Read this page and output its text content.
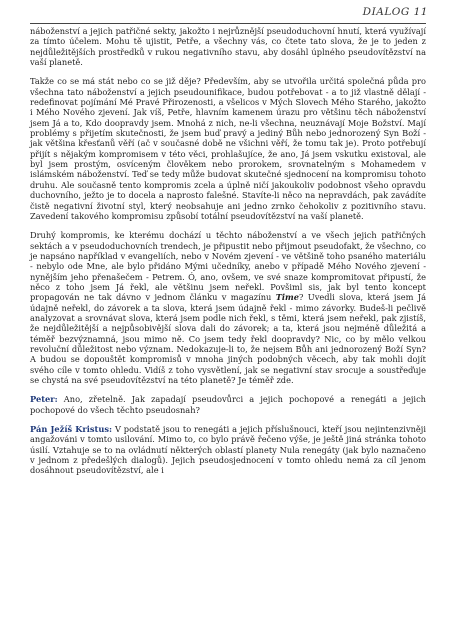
DIALOG 11

náboženství a jejich patřičné sekty, jakožto i nejrůznější pseudoduchovní hnutí, která využívají za tímto účelem. Mohu tě ujistit, Petře, a všechny vás, co čtete tato slova, že je to jeden z nejdůležitějších prostředků v rukou negativního stavu, aby dosáhl úplného pseudovítězství na vaší planetě.

Takže co se má stát nebo co se již děje? Především, aby se utvořila určitá společná půda pro všechna tato náboženství a jejich pseudounifikace, budou potřebovat - a to již vlastně dělají - redefinovat pojímání Mé Pravé Přirozenosti, a všelicos v Mých Slovech Mého Starého, jakožto i Mého Nového zjevení. Jak víš, Petře, hlavním kamenem úrazu pro většinu těch náboženství jsem Já a to, Kdo doopravdy jsem. Mnohá z nich, ne-li všechna, neuznávají Moje Božství. Mají problémy s přijetím skutečnosti, že jsem buď pravý a jediný Bůh nebo jednorozený Syn Boží - jak většina křesťanů věří (ač v současné době ne všichni věří, že tomu tak je). Proto potřebují přijít s nějakým kompromisem v této věci, prohlašujíce, že ano, Já jsem vskutku existoval, ale byl jsem prostým, osvíceným člověkem nebo prorokem, srovnatelným s Mohamedem v islámském náboženství. Teď se tedy může budovat skutečné sjednocení na kompromisu tohoto druhu. Ale současně tento kompromis zcela a úplně ničí jakoukoliv podobnost všeho opravdu duchovního, ježto je to docela a naprosto falešné. Stavíte-li něco na nepravdách, pak zavádíte čistě negativní životní styl, který neobsahuje ani jedno zrnko čehokoliv z pozitivního stavu. Zavedení takového kompromisu způsobí totální pseudovítězství na vaší planetě.

Druhý kompromis, ke kterému dochází u těchto náboženství a ve všech jejich patřičných sektách a v pseudoduchovních trendech, je připustit nebo přijmout pseudofakt, že všechno, co je napsáno například v evangeliích, nebo v Novém zjevení - ve většině toho psaného materiálu - nebylo ode Mne, ale bylo přidáno Mými učedníky, anebo v případě Mého Nového zjevení - nynějším jeho přenašečem - Petrem. Ó, ano, ovšem, ve své snaze kompromitovat připustí, že něco z toho jsem Já řekl, ale většinu jsem neřekl. Povšiml sis, jak byl tento koncept propagován ne tak dávno v jednom článku v magazínu Time? Uvedli slova, která jsem Já údajně neřekl, do závorek a ta slova, která jsem údajně řekl - mimo závorky. Budeš-li pečlivě analyzovat a srovnávat slova, která jsem podle nich řekl, s těmi, která jsem neřekl, pak zjistíš, že nejdůležitější a nejpůsobivější slova dali do závorek; a ta, která jsou nejméně důležitá a téměř bezvýznamná, jsou mimo ně. Co jsem tedy řekl doopravdy? Nic, co by mělo velkou revoluční důležitost nebo význam. Nedokazuje-li to, že nejsem Bůh ani jednorozený Boží Syn? A budou se dopouštět kompromisů v mnoha jiných podobných věcech, aby tak mohli dojít svého cíle v tomto ohledu. Vidíš z toho vysvětlení, jak se negativní stav srocuje a soustřeďuje se chystá na své pseudovítězství na této planetě? Je téměř zde.

Peter: Ano, zřetelně. Jak zapadají pseudovůrci a jejich pochopové a renegáti a jejich pochopové do všech těchto pseudosnah?

Pán Ježíš Kristus: V podstatě jsou to renegáti a jejich příslušnouci, kteří jsou nejintenzivněji angažováni v tomto usilování. Mimo to, co bylo právě řečeno výše, je ještě jiná stránka tohoto úsilí. Vztahuje se to na ovládnutí některých oblastí planety Nula renegáty (jak bylo naznačeno v jednom z předešlých dialogů). Jejich pseudosjednocení v tomto ohledu nemá za cíl jenom dosáhnout pseudovítězství, ale i
